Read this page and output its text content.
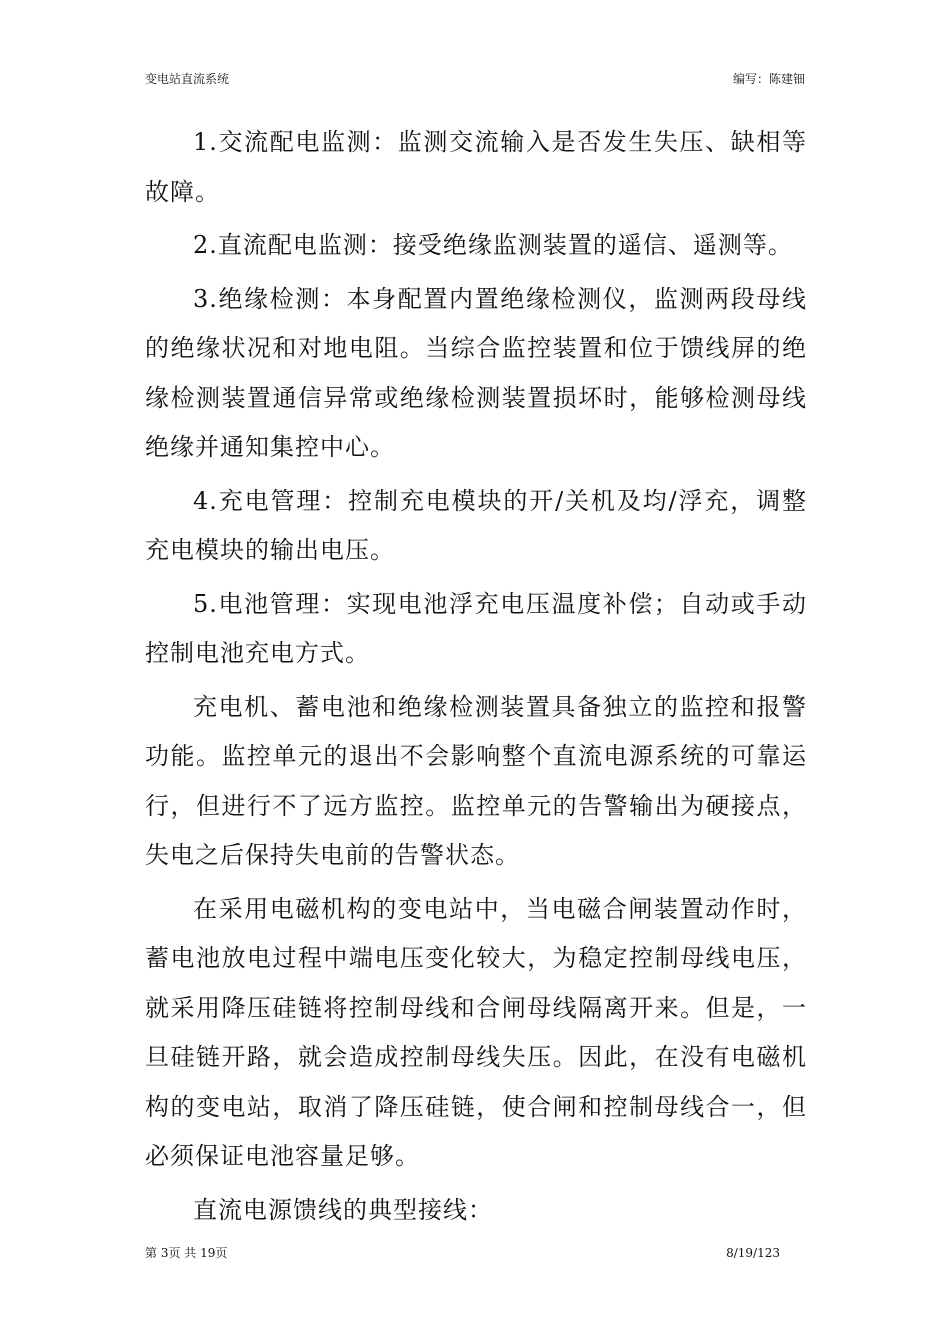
变电站直流系统	编写：陈建钿

1.交流配电监测：监测交流输入是否发生失压、缺相等故障。

2.直流配电监测：接受绝缘监测装置的遥信、遥测等。

3.绝缘检测：本身配置内置绝缘检测仪，监测两段母线的绝缘状况和对地电阻。当综合监控装置和位于馈线屏的绝缘检测装置通信异常或绝缘检测装置损坏时，能够检测母线绝缘并通知集控中心。

4.充电管理：控制充电模块的开/关机及均/浮充，调整充电模块的输出电压。

5.电池管理：实现电池浮充电压温度补偿；自动或手动控制电池充电方式。

充电机、蓄电池和绝缘检测装置具备独立的监控和报警功能。监控单元的退出不会影响整个直流电源系统的可靠运行，但进行不了远方监控。监控单元的告警输出为硬接点，失电之后保持失电前的告警状态。

在采用电磁机构的变电站中，当电磁合闸装置动作时，蓄电池放电过程中端电压变化较大，为稳定控制母线电压，就采用降压硅链将控制母线和合闸母线隔离开来。但是，一旦硅链开路，就会造成控制母线失压。因此，在没有电磁机构的变电站，取消了降压硅链，使合闸和控制母线合一，但必须保证电池容量足够。

直流电源馈线的典型接线：

第 3页 共 19页	8/19/123
